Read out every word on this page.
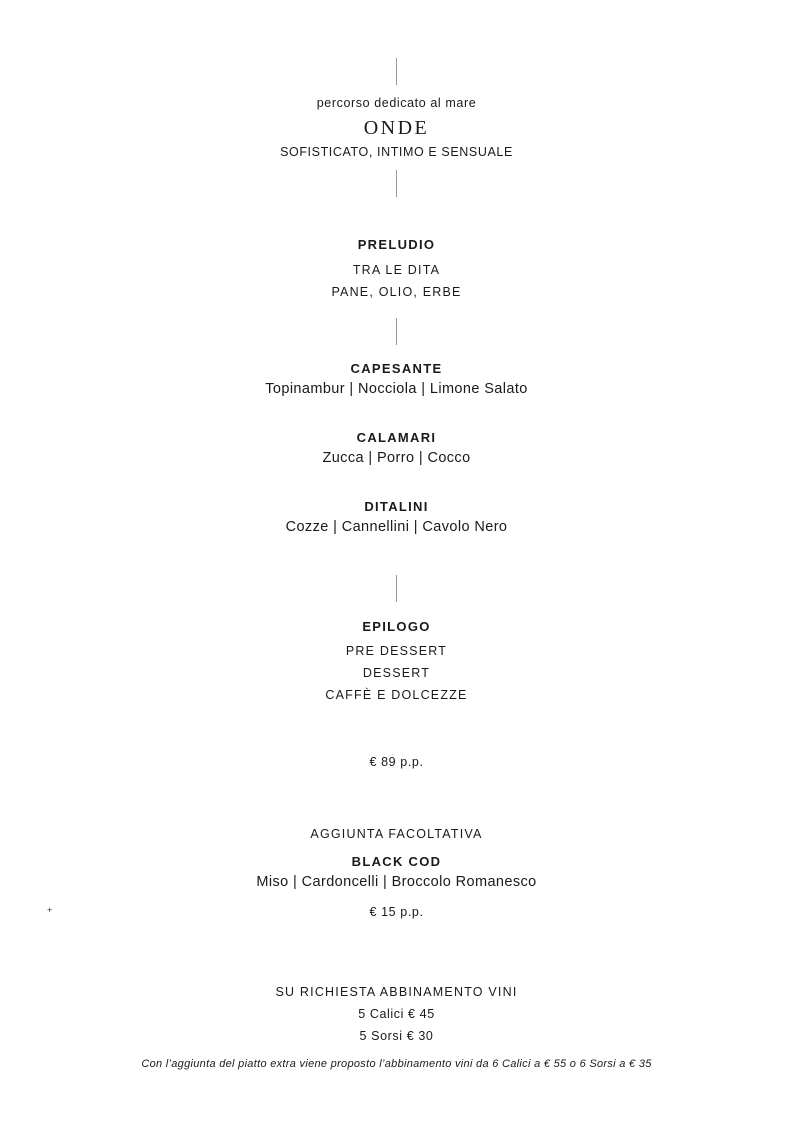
percorso dedicato al mare
ONDE
SOFISTICATO, INTIMO E SENSUALE
PRELUDIO
TRA LE DITA
PANE, OLIO, ERBE
CAPESANTE
Topinambur | Nocciola | Limone Salato
CALAMARI
Zucca | Porro | Cocco
DITALINI
Cozze | Cannellini | Cavolo Nero
EPILOGO
PRE DESSERT
DESSERT
CAFFÈ E DOLCEZZE
€ 89 p.p.
AGGIUNTA FACOLTATIVA
BLACK COD
Miso | Cardoncelli | Broccolo Romanesco
+	€ 15 p.p.
SU RICHIESTA ABBINAMENTO VINI
5 Calici € 45
5 Sorsi € 30
Con l’aggiunta del piatto extra viene proposto l’abbinamento vini da 6 Calici a € 55 o 6 Sorsi a € 35
